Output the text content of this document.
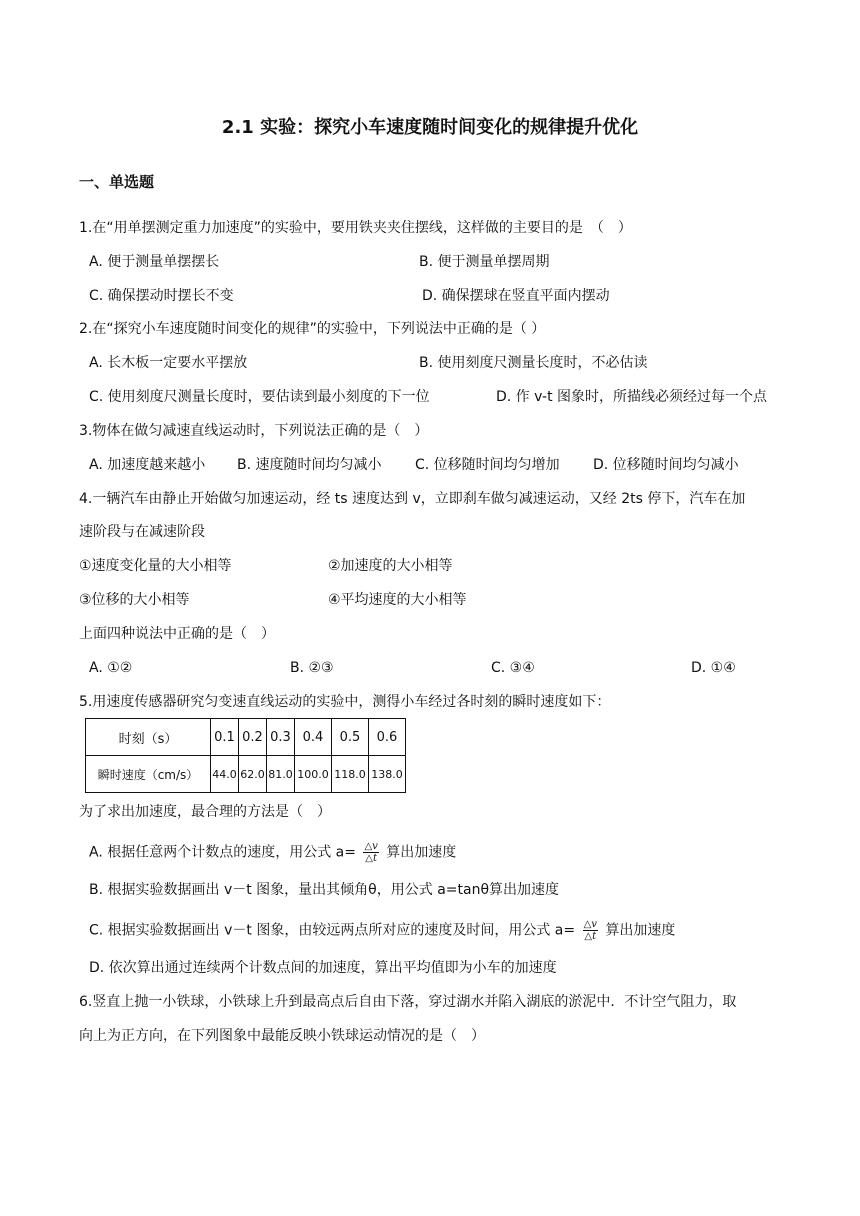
2.1 实验：探究小车速度随时间变化的规律提升优化
一、单选题
1.在“用单摆测定重力加速度”的实验中，要用铁夹夹住摆线，这样做的主要目的是　（　）
A. 便于测量单摆摆长	B. 便于测量单摆周期
C. 确保摆动时摆长不变	D. 确保摆球在竖直平面内摆动
2.在“探究小车速度随时间变化的规律”的实验中，下列说法中正确的是（ ）
A. 长木板一定要水平摆放	B. 使用刻度尺测量长度时，不必估读
C. 使用刻度尺测量长度时，要估读到最小刻度的下一位	D. 作 v-t 图象时，所描线必须经过每一个点
3.物体在做匀减速直线运动时，下列说法正确的是（　）
A. 加速度越来越小 B. 速度随时间均匀减小 C. 位移随时间均匀增加 D. 位移随时间均匀减小
4.一辆汽车由静止开始做匀加速运动，经 ts 速度达到 v，立即刹车做匀减速运动，又经 2ts 停下，汽车在加
速阶段与在减速阶段
①速度变化量的大小相等	②加速度的大小相等
③位移的大小相等	④平均速度的大小相等
上面四种说法中正确的是（　）
A. ①②	B. ②③	C. ③④	D. ①④
5.用速度传感器研究匀变速直线运动的实验中，测得小车经过各时刻的瞬时速度如下：
时刻（s）	0.1	0.2	0.3	0.4	0.5	0.6
瞬时速度（cm/s）	44.0	62.0	81.0	100.0	118.0	138.0
为了求出加速度，最合理的方法是（　）
A. 根据任意两个计数点的速度，用公式 $a= \frac{\triangle v}{\triangle t}$ 算出加速度
B. 根据实验数据画出 v－t 图象，量出其倾角θ，用公式 a=tanθ算出加速度
C. 根据实验数据画出 v－t 图象，由较远两点所对应的速度及时间，用公式 $a= \frac{\triangle v}{\triangle t}$ 算出加速度
D. 依次算出通过连续两个计数点间的加速度，算出平均值即为小车的加速度
6.竖直上抛一小铁球，小铁球上升到最高点后自由下落，穿过湖水并陷入湖底的淤泥中．不计空气阻力，取
向上为正方向，在下列图象中最能反映小铁球运动情况的是（　）
